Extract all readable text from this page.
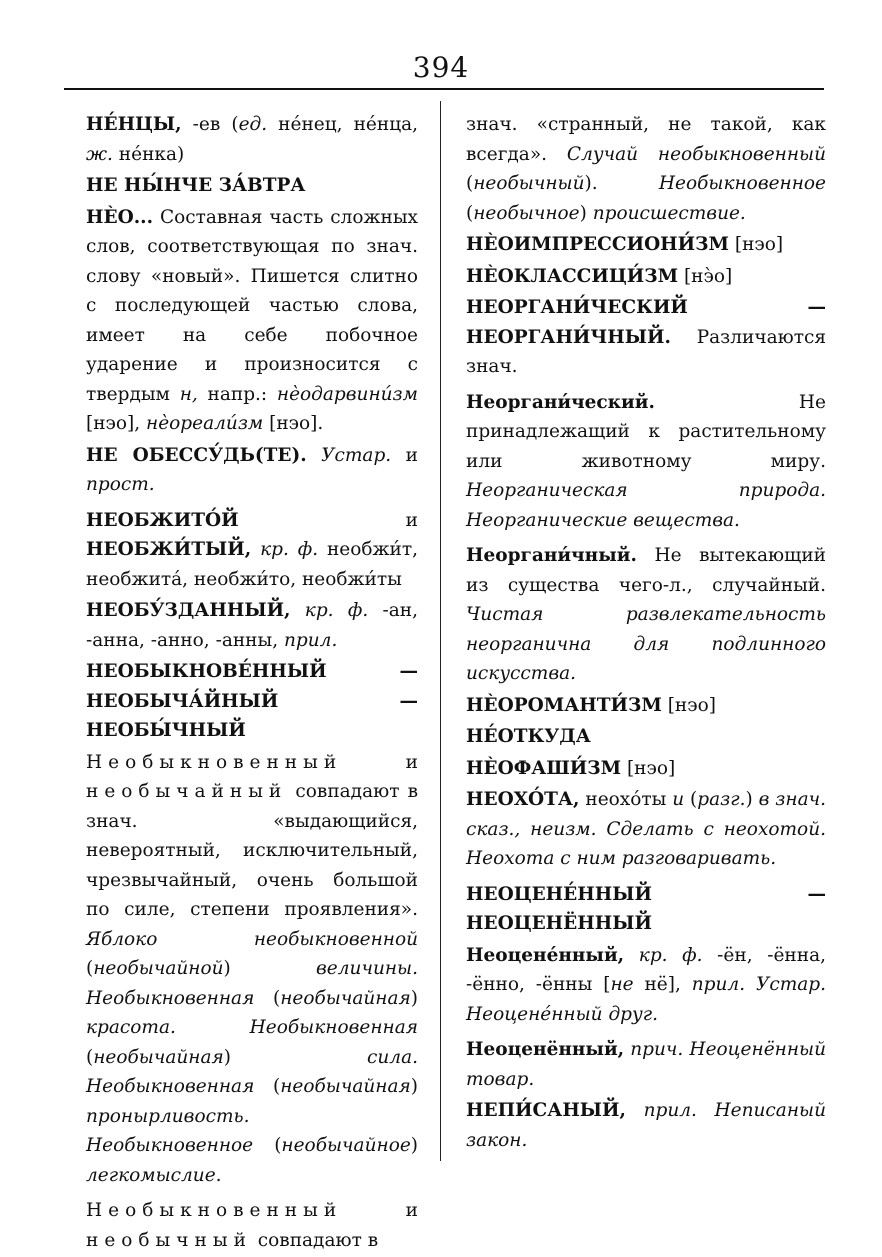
394

НЕ́НЦЫ, -ев (ед. не́нец, не́нца, ж. не́нка)

НЕ НЫ́НЧЕ ЗА́ВТРА

НЀО... Составная часть сложных слов, соответствующая по знач. слову «новый». Пишется слитно с последующей частью слова, имеет на себе побочное ударение и произносится с твердым н, напр.: нѐодарвини́зм [нэо], нѐореали́зм [нэо].

НЕ ОБЕССУ́ДЬ(ТЕ). Устар. и прост.

НЕОБЖИТО́Й и НЕОБЖИ́ТЫЙ, кр. ф. необжи́т, необжита́, необжи́то, необжи́ты

НЕОБУ́ЗДАННЫЙ, кр. ф. -ан, -анна, -анно, -анны, прил.

НЕОБЫКНОВЕ́ННЫЙ — НЕОБЫЧА́ЙНЫЙ — НЕОБЫ́ЧНЫЙ

Необыкновенный и необычайный совпадают в знач. «выдающийся, невероятный, исключительный, чрезвычайный, очень большой по силе, степени проявления». Яблоко необыкновенной (необычайной) величины. Необыкновенная (необычайная) красота. Необыкновенная (необычайная) сила. Необыкновенная (необычайная) пронырливость. Необыкновенное (необычайное) легкомыслие.

Необыкновенный и необычный совпадают в

знач. «странный, не такой, как всегда». Случай необыкновенный (необычный). Необыкновенное (необычное) происшествие.

НЀОИМПРЕССИОНИ́ЗМ [нэо]

НЀОКЛАССИЦИ́ЗМ [нэ̀о]

НЕОРГАНИ́ЧЕСКИЙ — НЕОРГАНИ́ЧНЫЙ. Различаются знач.

Неоргани́ческий. Не принадлежащий к растительному или животному миру. Неорганическая природа. Неорганические вещества.

Неоргани́чный. Не вытекающий из существа чего-л., случайный. Чистая развлекательность неорганична для подлинного искусства.

НЀОРОМАНТИ́ЗМ [нэо]

НЕ́ОТКУДА

НЀОФАШИ́ЗМ [нэо]

НЕОХО́ТА, неохо́ты и (разг.) в знач. сказ., неизм. Сделать с неохотой. Неохота с ним разговаривать.

НЕОЦЕНЕ́ННЫЙ — НЕОЦЕНЁННЫЙ

Неоцене́нный, кр. ф. -ён, -ённа, -ённо, -ённы [не нё], прил. Устар. Неоцене́нный друг.

Неоценённый, прич. Неоценённый товар.

НЕПИ́САНЫЙ, прил. Неписаный закон.
